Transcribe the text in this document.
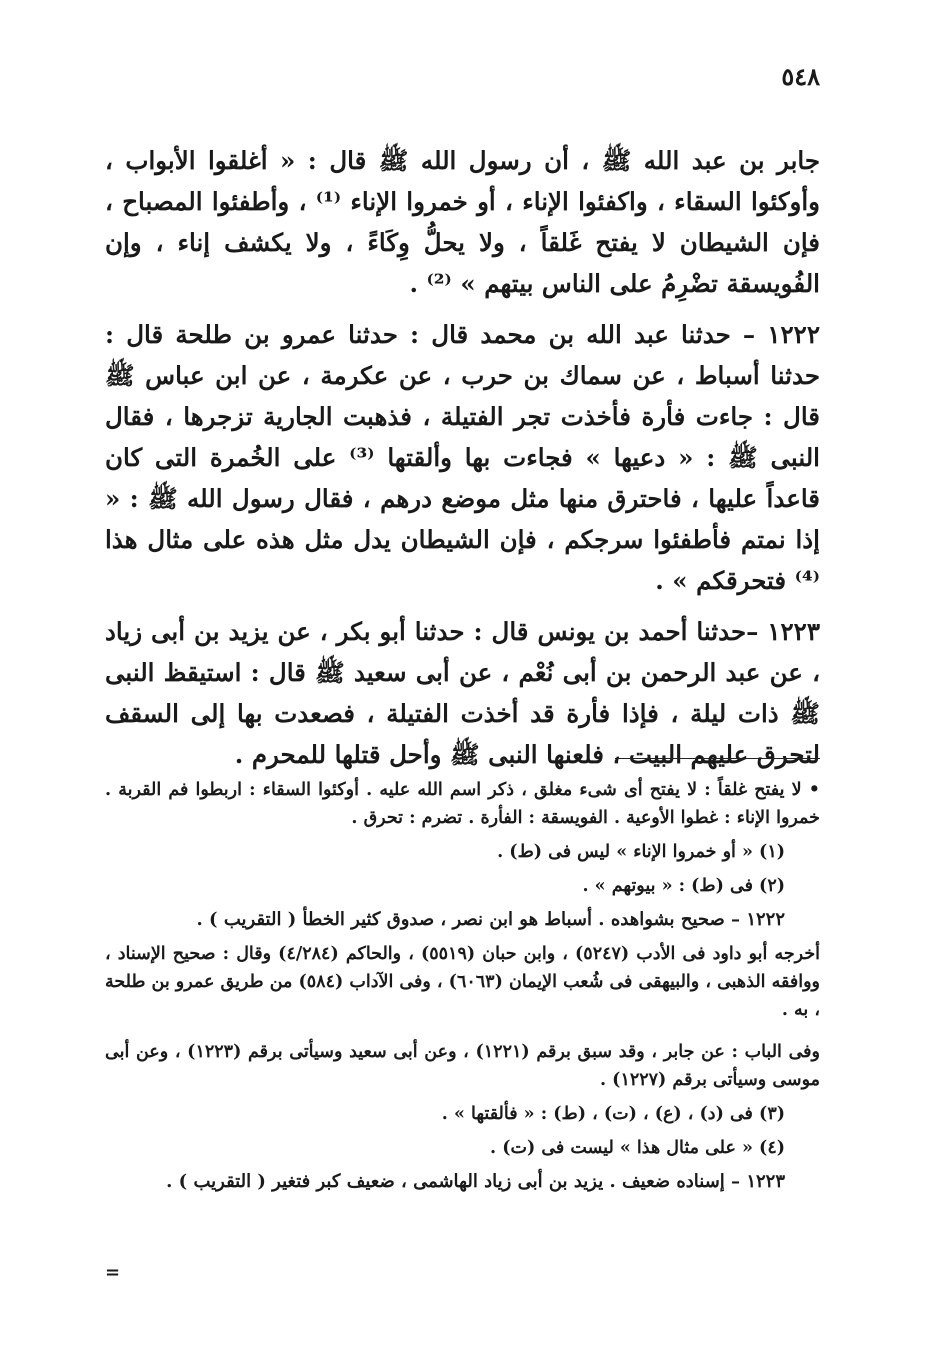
٥٤٨

جابر بن عبد الله ﷺ ، أن رسول الله ﷺ قال : « أغلقوا الأبواب ، وأوكئوا السقاء ، واكفئوا الإناء ، أو خمروا الإناء ⁽¹⁾ ، وأطفئوا المصباح ، فإن الشيطان لا يفتح غَلقاً ، ولا يحلُّ وِكَاءً ، ولا يكشف إناء ، وإن الفُويسقة تضْرِمُ على الناس بيتهم » ⁽²⁾ .

١٢٢٢ – حدثنا عبد الله بن محمد قال : حدثنا عمرو بن طلحة قال : حدثنا أسباط ، عن سماك بن حرب ، عن عكرمة ، عن ابن عباس ﷺ قال : جاءت فأرة فأخذت تجر الفتيلة ، فذهبت الجارية تزجرها ، فقال النبى ﷺ : « دعيها » فجاءت بها وألقتها ⁽³⁾ على الخُمرة التى كان قاعداً عليها ، فاحترق منها مثل موضع درهم ، فقال رسول الله ﷺ : « إذا نمتم فأطفئوا سرجكم ، فإن الشيطان يدل مثل هذه على مثال هذا ⁽⁴⁾ فتحرقكم » .

١٢٢٣ –حدثنا أحمد بن يونس قال : حدثنا أبو بكر ، عن يزيد بن أبى زياد ، عن عبد الرحمن بن أبى نُعْم ، عن أبى سعيد ﷺ قال : استيقظ النبى ﷺ ذات ليلة ، فإذا فأرة قد أخذت الفتيلة ، فصعدت بها إلى السقف لتحرق عليهم البيت ، فلعنها النبى ﷺ وأحل قتلها للمحرم .

• لا يفتح غلقاً : لا يفتح أى شىء مغلق ، ذكر اسم الله عليه . أوكئوا السقاء : اربطوا فم القربة . خمروا الإناء : غطوا الأوعية . الفويسقة : الفأرة . تضرم : تحرق .

(١) « أو خمروا الإناء » ليس فى (ط) .

(٢) فى (ط) : « بيوتهم » .

١٢٢٢ – صحيح بشواهده . أسباط هو ابن نصر ، صدوق كثير الخطأ ( التقريب ) .

أخرجه أبو داود فى الأدب (٥٢٤٧) ، وابن حبان (٥٥١٩) ، والحاكم (٤/٢٨٤) وقال : صحيح الإسناد ، ووافقه الذهبى ، والبيهقى فى شُعب الإيمان (٦٠٦٣) ، وفى الآداب (٥٨٤) من طريق عمرو بن طلحة ، به .

وفى الباب : عن جابر ، وقد سبق برقم (١٢٢١) ، وعن أبى سعيد وسيأتى برقم (١٢٢٣) ، وعن أبى موسى وسيأتى برقم (١٢٢٧) .

(٣) فى (د) ، (ع) ، (ت) ، (ط) : « فألقتها » .

(٤) « على مثال هذا » ليست فى (ت) .

١٢٢٣ – إسناده ضعيف . يزيد بن أبى زياد الهاشمى ، ضعيف كبر فتغير ( التقريب ) .

=
